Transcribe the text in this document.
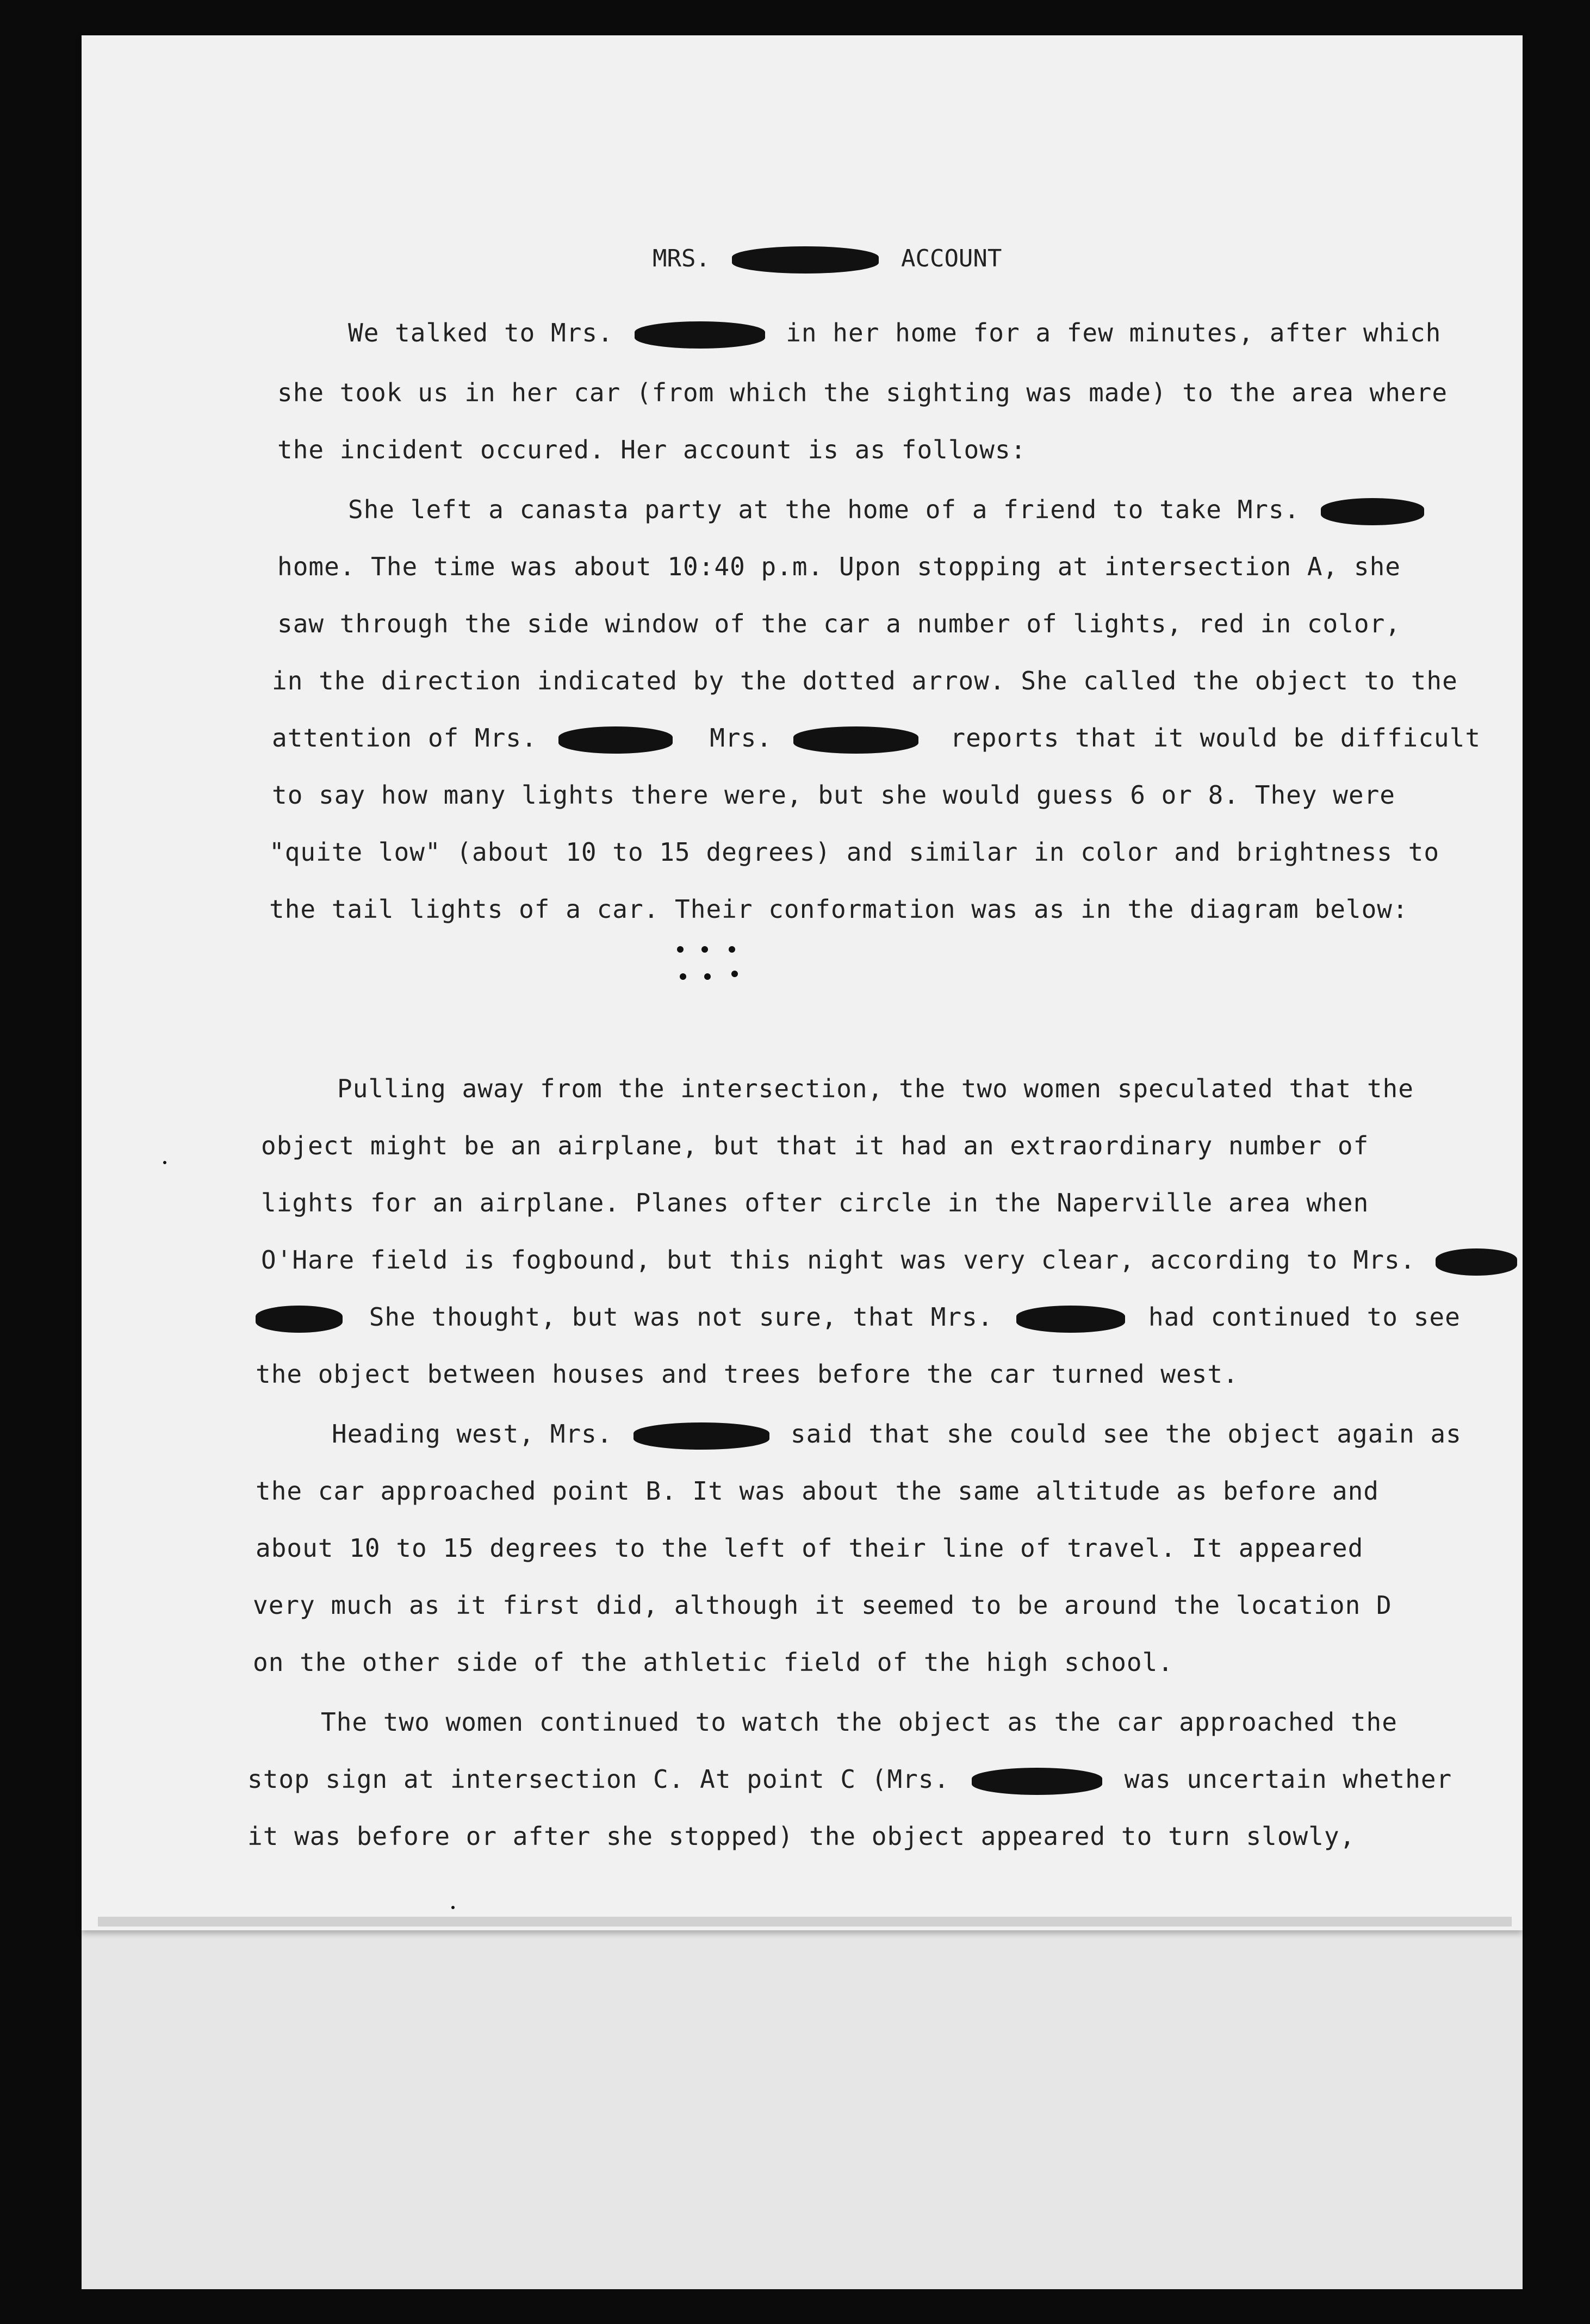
MRS.	ACCOUNT
We talked to Mrs.	in her home for a few minutes, after which
she took us in her car (from which the sighting was made) to the area where
the incident occured. Her account is as follows:
She left a canasta party at the home of a friend to take Mrs.
home. The time was about 10:40 p.m. Upon stopping at intersection A, she
saw through the side window of the car a number of lights, red in color,
in the direction indicated by the dotted arrow. She called the object to the
attention of Mrs.	Mrs.	reports that it would be difficult
to say how many lights there were, but she would guess 6 or 8. They were
"quite low" (about 10 to 15 degrees) and similar in color and brightness to
the tail lights of a car. Their conformation was as in the diagram below:
Pulling away from the intersection, the two women speculated that the
object might be an airplane, but that it had an extraordinary number of
lights for an airplane. Planes ofter circle in the Naperville area when
O'Hare field is fogbound, but this night was very clear, according to Mrs.
She thought, but was not sure, that Mrs.	had continued to see
the object between houses and trees before the car turned west.
Heading west, Mrs.	said that she could see the object again as
the car approached point B. It was about the same altitude as before and
about 10 to 15 degrees to the left of their line of travel. It appeared
very much as it first did, although it seemed to be around the location D
on the other side of the athletic field of the high school.
The two women continued to watch the object as the car approached the
stop sign at intersection C. At point C (Mrs.	was uncertain whether
it was before or after she stopped) the object appeared to turn slowly,
